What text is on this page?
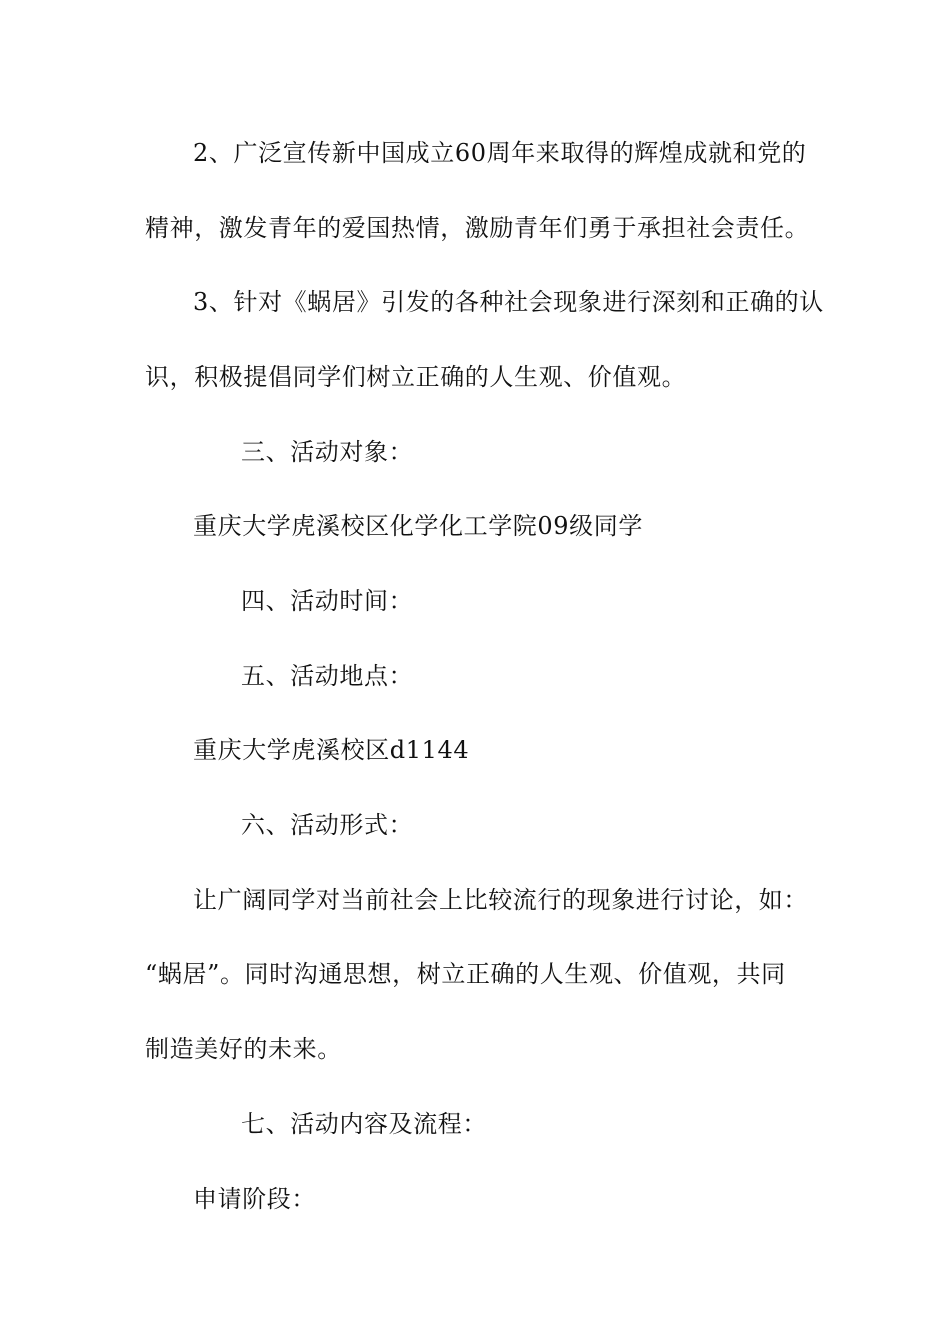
2、广泛宣传新中国成立60周年来取得的辉煌成就和党的
精神，激发青年的爱国热情，激励青年们勇于承担社会责任。
3、针对《蜗居》引发的各种社会现象进行深刻和正确的认
识，积极提倡同学们树立正确的人生观、价值观。
三、活动对象：
重庆大学虎溪校区化学化工学院09级同学
四、活动时间：
五、活动地点：
重庆大学虎溪校区d1144
六、活动形式：
让广阔同学对当前社会上比较流行的现象进行讨论，如：
“蜗居”。同时沟通思想，树立正确的人生观、价值观，共同
制造美好的未来。
七、活动内容及流程：
申请阶段：
